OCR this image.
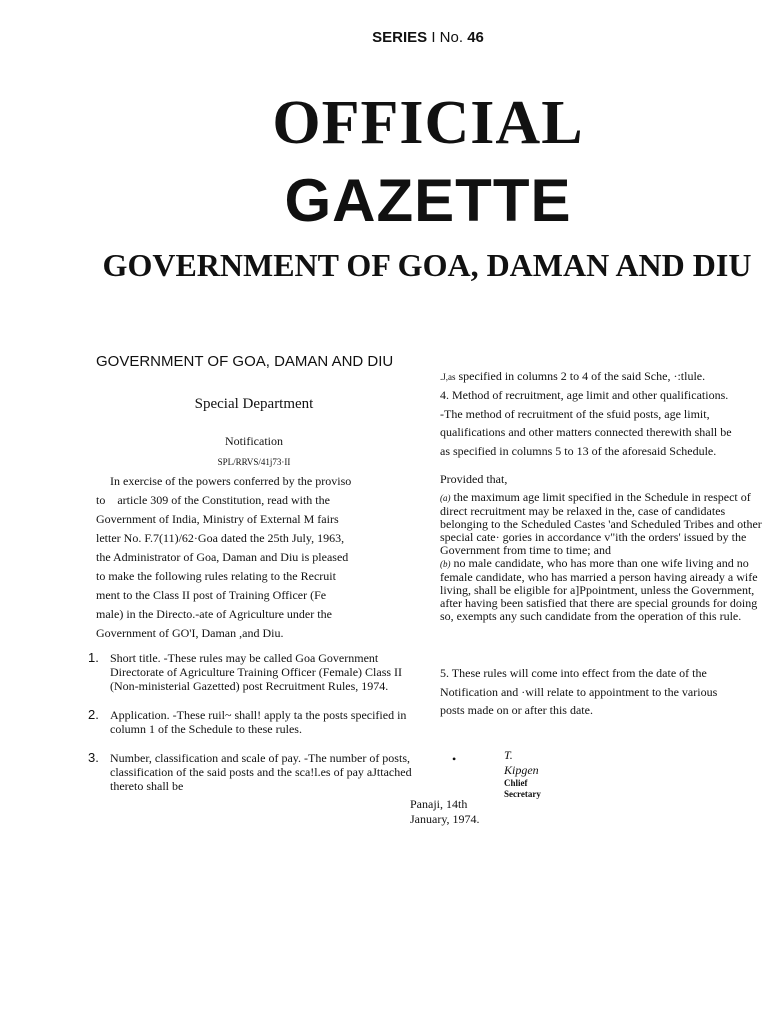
SERIES I No. 46
OFFICIAL
GAZETTE
GOVERNMENT OF GOA, DAMAN AND DIU
GOVERNMENT OF GOA, DAMAN AND DIU
Special Department
Notification
SPL/RRVS/41j73·II

In exercise of the powers conferred by the proviso

to    article 309 of the Constitution, read with the

Government of India, Ministry of External M fairs

letter No. F.7(11)/62·Goa dated the 25th July, 1963,

the Administrator of Goa, Daman and Diu is pleased

to make the following rules relating to the Recruit

ment to the Class II post of Training Officer (Fe

male) in the Directo.-ate of Agriculture under the

Government of GO'I, Daman ,and Diu.

1. Short title. -These rules may be called Goa Government Directorate of Agriculture Training Officer (Female) Class II (Non-ministerial Gazetted) post Recruitment Rules, 1974.
2. Application. -These ruil~ shall! apply ta the posts specified in column 1 of the Schedule to these rules.
3. Number, classification and scale of pay. -The number of posts, classification of the said posts and the sca!l.es of pay aJttached thereto shall be
.J,as specified in columns 2 to 4 of the said Sche, ·:tlule.

4. Method of recruitment, age limit and other qualifications.

-The method of recruitment of the sfuid posts, age limit,

qualifications and other matters connected therewith shall be

as specified in columns 5 to 13 of the aforesaid Schedule.

Provided that,

(a) the maximum age limit specified in the Schedule in respect of direct recruitment may be relaxed in the, case of candidates belonging to the Scheduled Castes 'and Scheduled Tribes and other special cate· gories in accordance v"ith the orders' issued by the Government from time to time; and

(b) no male candidate, who has more than one wife living and no female candidate, who has married a person having aiready a wife living, shall be eligible for a]Ppointment, unless the Government, after having been satisfied that there are special grounds for doing so, exempts any such candidate from the operation of this rule.

5. These rules will come into effect from the date of the

Notification and ·will relate to appointment to the various

posts made on or after this date.

•	T.
Kipgen
Chlief
Secretary
Panaji, 14th
January, 1974.
